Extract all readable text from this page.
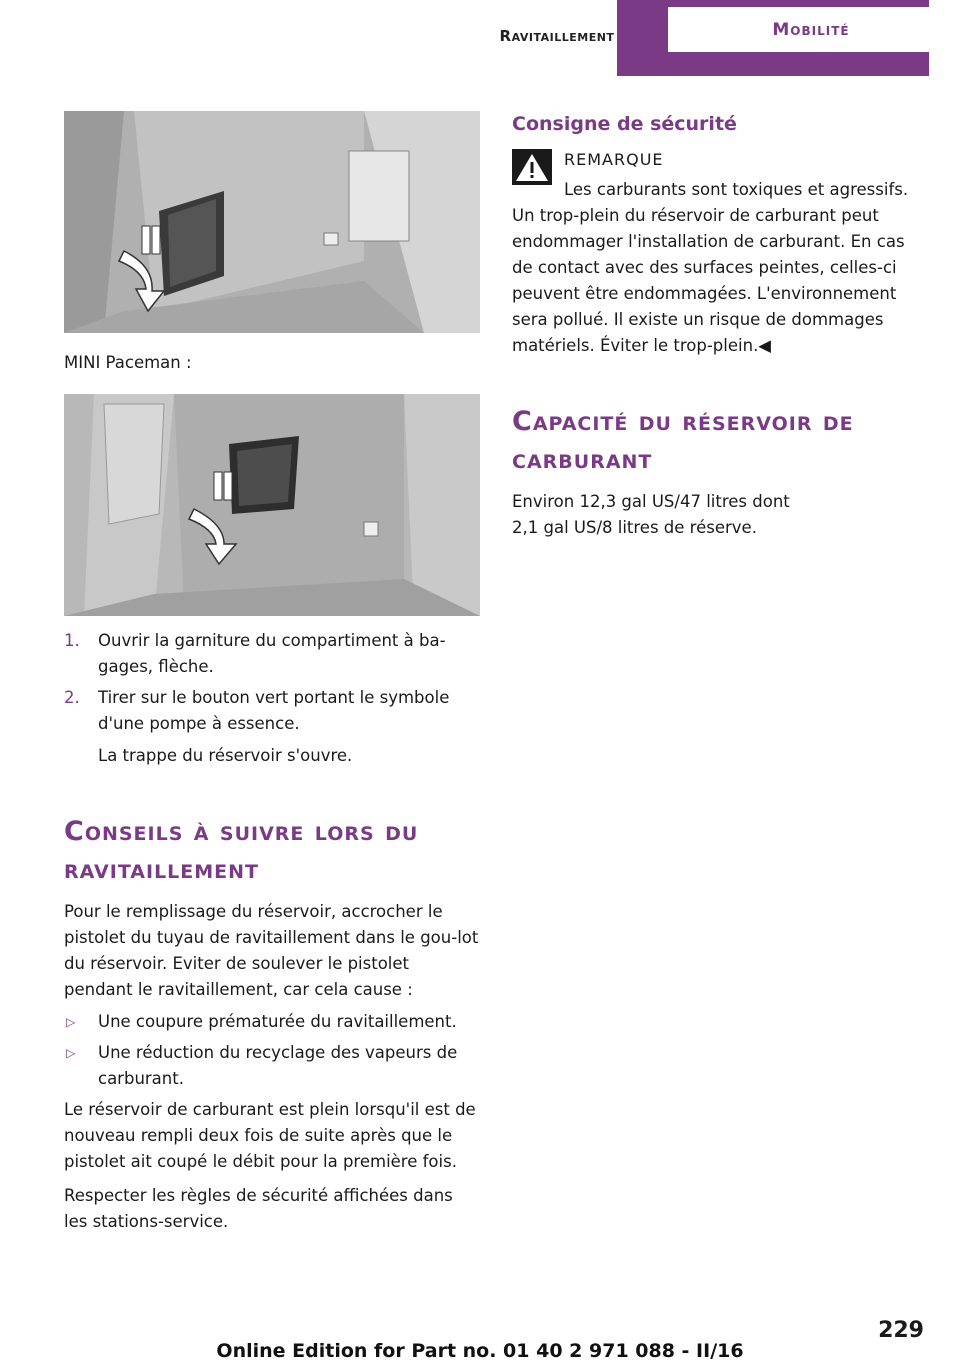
Ravitaillement	Mobilité
MINI Paceman :
1. Ouvrir la garniture du compartiment à ba-gages, flèche.
2. Tirer sur le bouton vert portant le symbole d'une pompe à essence.
La trappe du réservoir s'ouvre.
Conseils à suivre lors du ravitaillement

Pour le remplissage du réservoir, accrocher le pistolet du tuyau de ravitaillement dans le gou-lot du réservoir. Eviter de soulever le pistolet pendant le ravitaillement, car cela cause :

▷ Une coupure prématurée du ravitaillement.
▷ Une réduction du recyclage des vapeurs de carburant.

Le réservoir de carburant est plein lorsqu'il est de nouveau rempli deux fois de suite après que le pistolet ait coupé le débit pour la première fois.

Respecter les règles de sécurité affichées dans les stations-service.

Consigne de sécurité
REMARQUE
Les carburants sont toxiques et agressifs.

Un trop-plein du réservoir de carburant peut endommager l'installation de carburant. En cas de contact avec des surfaces peintes, celles-ci peuvent être endommagées. L'environnement sera pollué. Il existe un risque de dommages matériels. Éviter le trop-plein.◀

Capacité du réservoir de carburant

Environ 12,3 gal US/47 litres dont 2,1 gal US/8 litres de réserve.

229
Online Edition for Part no. 01 40 2 971 088 - II/16
